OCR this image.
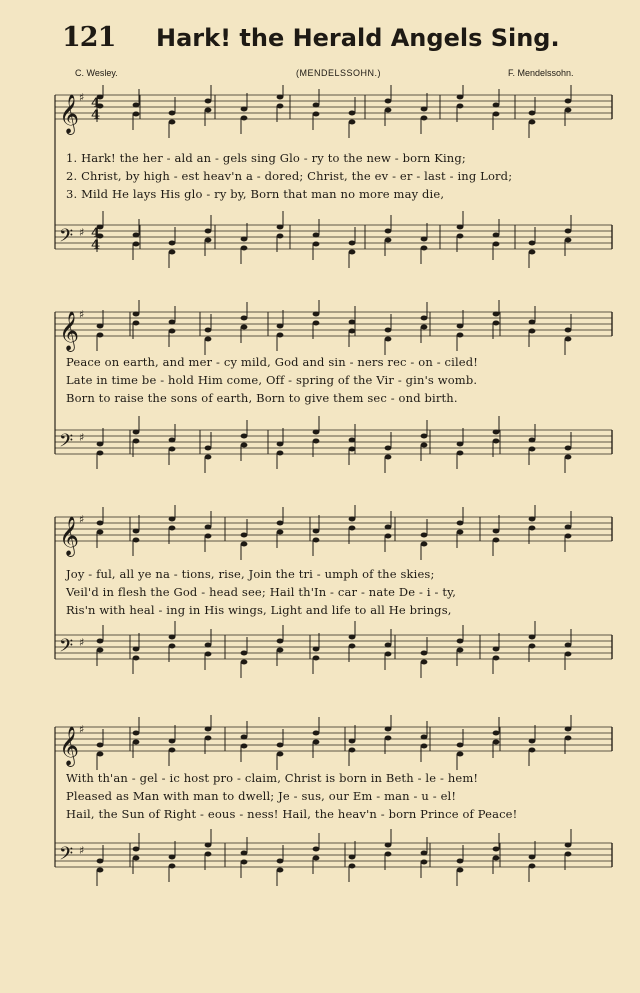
121 Hark! the Herald Angels Sing.
C. Wesley.	(MENDELSSOHN.)	F. Mendelssohn.
𝄞 ♯
𝄢 ♯
4
4
4
4
1. Hark! the her - ald an - gels sing Glo - ry to the new - born King;
2. Christ, by high - est heav'n a - dored; Christ, the ev - er - last - ing Lord;
3. Mild He lays His glo - ry by, Born that man no more may die,
𝄞 ♯
𝄢 ♯
Peace on earth, and mer - cy mild, God and sin - ners rec - on - ciled!
Late in time be - hold Him come, Off - spring of the Vir - gin's womb.
Born to raise the sons of earth, Born to give them sec - ond birth.
𝄞 ♯
𝄢 ♯
Joy - ful, all ye na - tions, rise, Join the tri - umph of the skies;
Veil'd in flesh the God - head see; Hail th'In - car - nate De - i - ty,
Ris'n with heal - ing in His wings, Light and life to all He brings,
𝄞 ♯
𝄢 ♯
With th'an - gel - ic host pro - claim, Christ is born in Beth - le - hem!
Pleased as Man with man to dwell; Je - sus, our Em - man - u - el!
Hail, the Sun of Right - eous - ness! Hail, the heav'n - born Prince of Peace!
